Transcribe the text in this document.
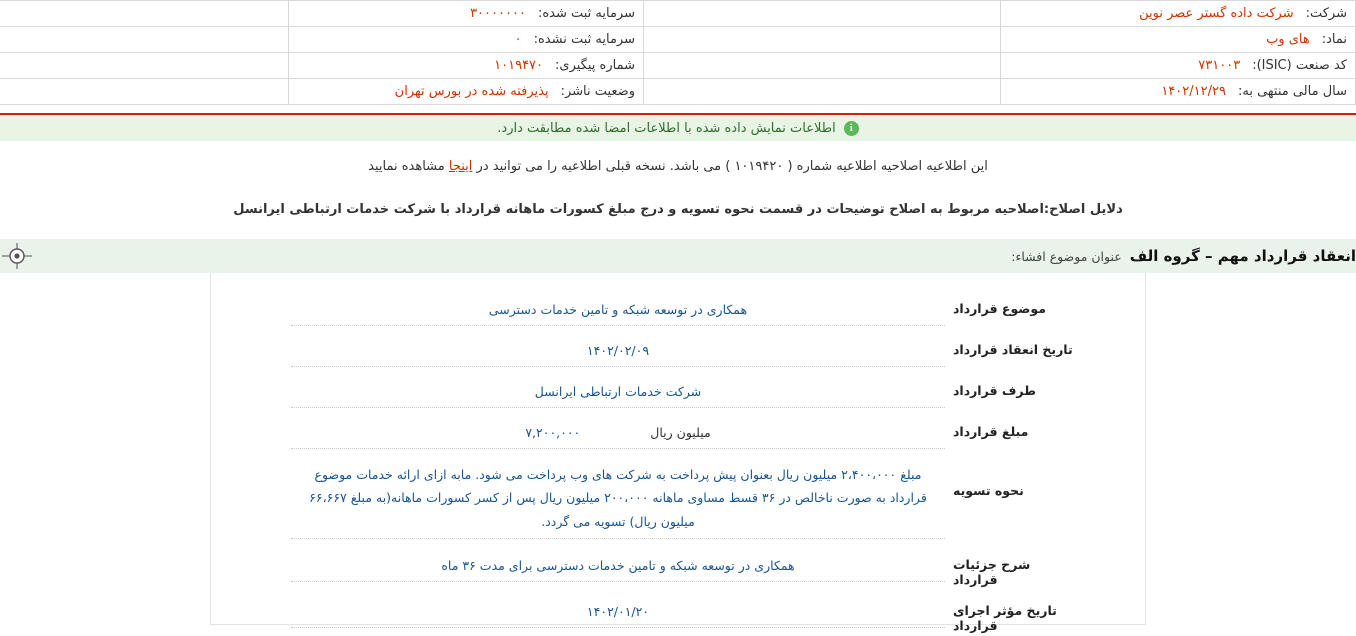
شرکت:
شرکت داده گستر عصر نوین		سرمایه ثبت شده:
۳۰۰۰۰۰۰۰	

نماد:
های وب		سرمایه ثبت نشده:
۰	

کد صنعت (ISIC):
۷۳۱۰۰۳		شماره پیگیری:
۱۰۱۹۴۷۰	

سال مالی منتهی به:
۱۴۰۲/۱۲/۲۹		وضعیت ناشر:
پذیرفته شده در بورس تهران	

i
اطلاعات نمایش داده شده با اطلاعات امضا شده مطابقت دارد.
این اطلاعیه اصلاحیه اطلاعیه شماره ( ۱۰۱۹۴۲۰ ) می باشد. نسخه قبلی اطلاعیه را می توانید در اینجا مشاهده نمایید
دلایل اصلاح:اصلاحیه مربوط به اصلاح توضیحات در قسمت نحوه تسویه و درج مبلغ کسورات ماهانه قرارداد با شرکت خدمات ارتباطی ایرانسل
انعقاد قرارداد مهم – گروه الف
عنوان موضوع افشاء:
موضوع قرارداد
همکاری در توسعه شبکه و تامین خدمات دسترسی
تاریخ انعقاد قرارداد
۱۴۰۲/۰۲/۰۹
طرف قرارداد
شرکت خدمات ارتباطی ایرانسل
مبلغ قرارداد
میلیون ریال
۷,۲۰۰,۰۰۰
نحوه تسویه
مبلغ ۲،۴۰۰،۰۰۰ میلیون ریال بعنوان پیش پرداخت به شرکت های وب پرداخت می شود. مابه ازای ارائه خدمات موضوع قرارداد به صورت ناخالص در ۳۶ قسط مساوی ماهانه ۲۰۰،۰۰۰ میلیون ریال پس از کسر کسورات ماهانه(به مبلغ ۶۶،۶۶۷ میلیون ریال) تسویه می گردد.
شرح جزئیات قرارداد
همکاری در توسعه شبکه و تامین خدمات دسترسی برای مدت ۳۶ ماه
تاریخ مؤثر اجرای قرارداد
۱۴۰۲/۰۱/۲۰
